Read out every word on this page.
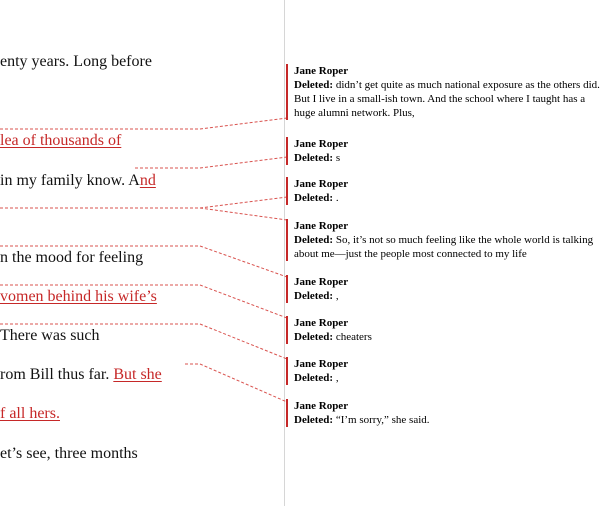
enty years. Long before
lea of thousands of
in my family know. And
n the mood for feeling
vomen behind his wife’s
There was such
rom Bill thus far. But she
f all hers.
et’s see, three months
Jane Roper
Deleted: didn’t get quite as much national exposure as the others did. But I live in a small-ish town. And the school where I taught has a huge alumni network. Plus,
Jane Roper
Deleted: s
Jane Roper
Deleted: .
Jane Roper
Deleted: So, it’s not so much feeling like the whole world is talking about me—just the people most connected to my life
Jane Roper
Deleted: ,
Jane Roper
Deleted: cheaters
Jane Roper
Deleted: ,
Jane Roper
Deleted: “I’m sorry,” she said.
